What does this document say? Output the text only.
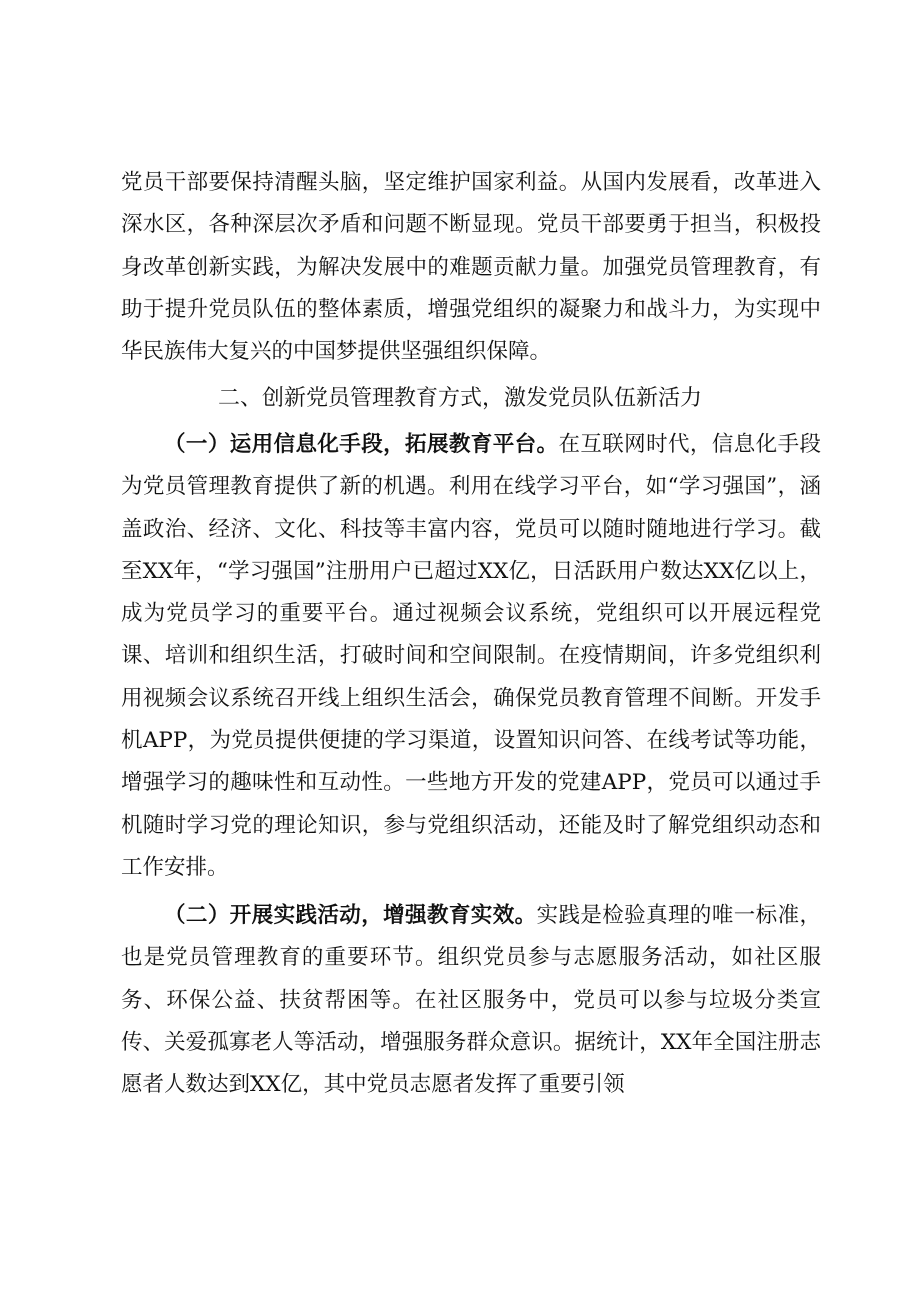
党员干部要保持清醒头脑，坚定维护国家利益。从国内发展看，改革进入深水区，各种深层次矛盾和问题不断显现。党员干部要勇于担当，积极投身改革创新实践，为解决发展中的难题贡献力量。加强党员管理教育，有助于提升党员队伍的整体素质，增强党组织的凝聚力和战斗力，为实现中华民族伟大复兴的中国梦提供坚强组织保障。

二、创新党员管理教育方式，激发党员队伍新活力

（一）运用信息化手段，拓展教育平台。在互联网时代，信息化手段为党员管理教育提供了新的机遇。利用在线学习平台，如“学习强国”，涵盖政治、经济、文化、科技等丰富内容，党员可以随时随地进行学习。截至XX年，“学习强国”注册用户已超过XX亿，日活跃用户数达XX亿以上，成为党员学习的重要平台。通过视频会议系统，党组织可以开展远程党课、培训和组织生活，打破时间和空间限制。在疫情期间，许多党组织利用视频会议系统召开线上组织生活会，确保党员教育管理不间断。开发手机APP，为党员提供便捷的学习渠道，设置知识问答、在线考试等功能，增强学习的趣味性和互动性。一些地方开发的党建APP，党员可以通过手机随时学习党的理论知识，参与党组织活动，还能及时了解党组织动态和工作安排。

（二）开展实践活动，增强教育实效。实践是检验真理的唯一标准，也是党员管理教育的重要环节。组织党员参与志愿服务活动，如社区服务、环保公益、扶贫帮困等。在社区服务中，党员可以参与垃圾分类宣传、关爱孤寡老人等活动，增强服务群众意识。据统计，XX年全国注册志愿者人数达到XX亿，其中党员志愿者发挥了重要引领
